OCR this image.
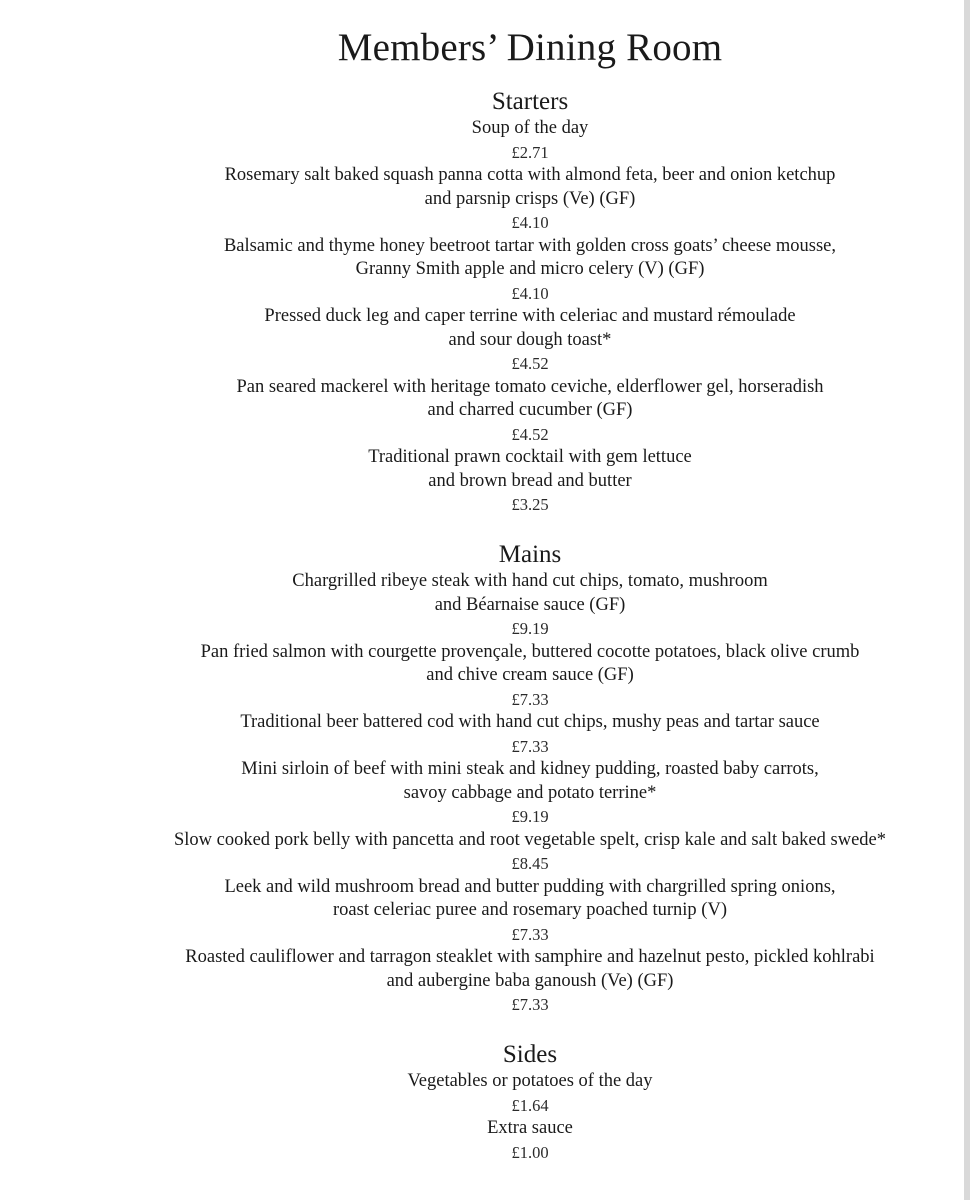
Members’ Dining Room
Starters
Soup of the day
£2.71
Rosemary salt baked squash panna cotta with almond feta, beer and onion ketchup
and parsnip crisps (Ve) (GF)
£4.10
Balsamic and thyme honey beetroot tartar with golden cross goats’ cheese mousse,
Granny Smith apple and micro celery (V) (GF)
£4.10
Pressed duck leg and caper terrine with celeriac and mustard rémoulade
and sour dough toast*
£4.52
Pan seared mackerel with heritage tomato ceviche, elderflower gel, horseradish
and charred cucumber (GF)
£4.52
Traditional prawn cocktail with gem lettuce
and brown bread and butter
£3.25
Mains
Chargrilled ribeye steak with hand cut chips, tomato, mushroom
and Béarnaise sauce (GF)
£9.19
Pan fried salmon with courgette provençale, buttered cocotte potatoes, black olive crumb
and chive cream sauce (GF)
£7.33
Traditional beer battered cod with hand cut chips, mushy peas and tartar sauce
£7.33
Mini sirloin of beef with mini steak and kidney pudding, roasted baby carrots,
savoy cabbage and potato terrine*
£9.19
Slow cooked pork belly with pancetta and root vegetable spelt, crisp kale and salt baked swede*
£8.45
Leek and wild mushroom bread and butter pudding with chargrilled spring onions,
roast celeriac puree and rosemary poached turnip (V)
£7.33
Roasted cauliflower and tarragon steaklet with samphire and hazelnut pesto, pickled kohlrabi
and aubergine baba ganoush (Ve) (GF)
£7.33
Sides
Vegetables or potatoes of the day
£1.64
Extra sauce
£1.00
